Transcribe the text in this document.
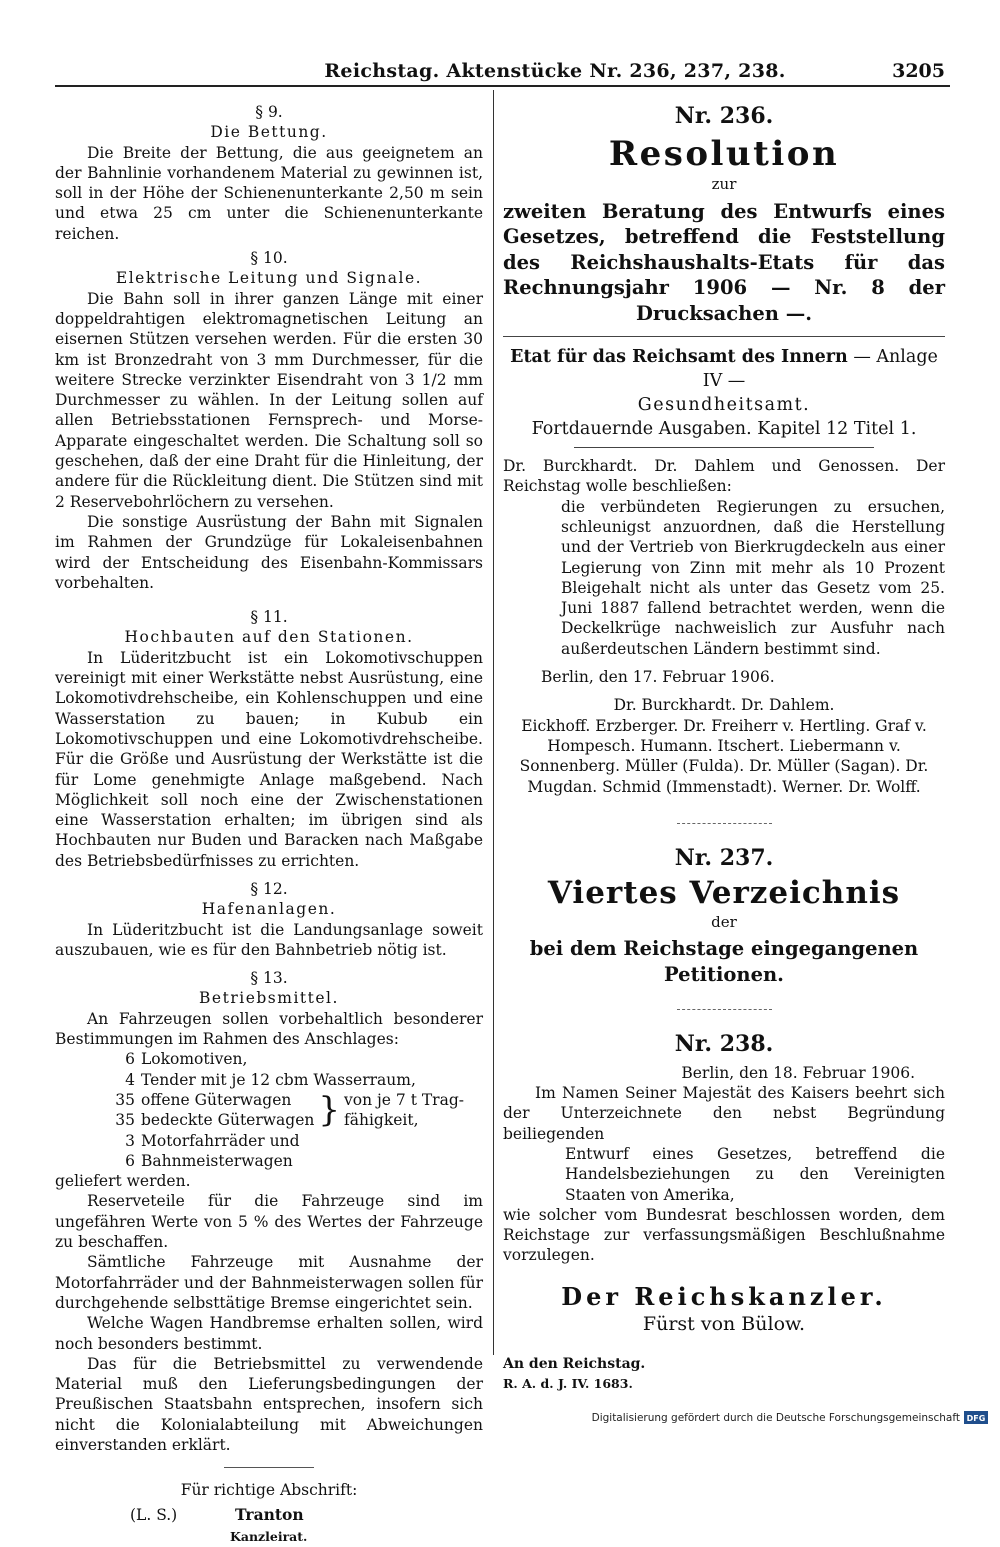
Reichstag. Aktenstücke Nr. 236, 237, 238.	3205

§ 9.

Die Bettung.

Die Breite der Bettung, die aus geeignetem an der Bahnlinie vorhandenem Material zu gewinnen ist, soll in der Höhe der Schienenunterkante 2,50 m sein und etwa 25 cm unter die Schienenunterkante reichen.

§ 10.

Elektrische Leitung und Signale.

Die Bahn soll in ihrer ganzen Länge mit einer doppeldrahtigen elektromagnetischen Leitung an eisernen Stützen versehen werden. Für die ersten 30 km ist Bronzedraht von 3 mm Durchmesser, für die weitere Strecke verzinkter Eisendraht von 3 1/2 mm Durchmesser zu wählen. In der Leitung sollen auf allen Betriebsstationen Fernsprech- und Morse-Apparate eingeschaltet werden. Die Schaltung soll so geschehen, daß der eine Draht für die Hinleitung, der andere für die Rückleitung dient. Die Stützen sind mit 2 Reservebohrlöchern zu versehen.

Die sonstige Ausrüstung der Bahn mit Signalen im Rahmen der Grundzüge für Lokaleisenbahnen wird der Entscheidung des Eisenbahn-Kommissars vorbehalten.

§ 11.

Hochbauten auf den Stationen.

In Lüderitzbucht ist ein Lokomotivschuppen vereinigt mit einer Werkstätte nebst Ausrüstung, eine Lokomotivdrehscheibe, ein Kohlenschuppen und eine Wasserstation zu bauen; in Kubub ein Lokomotivschuppen und eine Lokomotivdrehscheibe. Für die Größe und Ausrüstung der Werkstätte ist die für Lome genehmigte Anlage maßgebend. Nach Möglichkeit soll noch eine der Zwischenstationen eine Wasserstation erhalten; im übrigen sind als Hochbauten nur Buden und Baracken nach Maßgabe des Betriebsbedürfnisses zu errichten.

§ 12.

Hafenanlagen.

In Lüderitzbucht ist die Landungsanlage soweit auszubauen, wie es für den Bahnbetrieb nötig ist.

§ 13.

Betriebsmittel.

An Fahrzeugen sollen vorbehaltlich besonderer Bestimmungen im Rahmen des Anschlages:

6 Lokomotiven,
4 Tender mit je 12 cbm Wasserraum,
35 offene Güterwagen
35 bedeckte Güterwagen } von je 7 t Trag-
fähigkeit,
3 Motorfahrräder und
6 Bahnmeisterwagen

geliefert werden.

Reserveteile für die Fahrzeuge sind im ungefähren Werte von 5 % des Wertes der Fahrzeuge zu beschaffen.

Sämtliche Fahrzeuge mit Ausnahme der Motorfahrräder und der Bahnmeisterwagen sollen für durchgehende selbsttätige Bremse eingerichtet sein.

Welche Wagen Handbremse erhalten sollen, wird noch besonders bestimmt.

Das für die Betriebsmittel zu verwendende Material muß den Lieferungsbedingungen der Preußischen Staatsbahn entsprechen, insofern sich nicht die Kolonialabteilung mit Abweichungen einverstanden erklärt.

Für richtige Abschrift:

(L. S.)	Tranton

Kanzleirat.

Nr. 236.

Resolution

zur

zweiten Beratung des Entwurfs eines Gesetzes, betreffend die Feststellung des Reichshaushalts-Etats für das Rechnungsjahr 1906 — Nr. 8 der Drucksachen —.

Etat für das Reichsamt des Innern — Anlage IV —

Gesundheitsamt.

Fortdauernde Ausgaben. Kapitel 12 Titel 1.

Dr. Burckhardt. Dr. Dahlem und Genossen. Der Reichstag wolle beschließen:

die verbündeten Regierungen zu ersuchen, schleunigst anzuordnen, daß die Herstellung und der Vertrieb von Bierkrugdeckeln aus einer Legierung von Zinn mit mehr als 10 Prozent Bleigehalt nicht als unter das Gesetz vom 25. Juni 1887 fallend betrachtet werden, wenn die Deckelkrüge nachweislich zur Ausfuhr nach außerdeutschen Ländern bestimmt sind.

Berlin, den 17. Februar 1906.

Dr. Burckhardt. Dr. Dahlem.

Eickhoff. Erzberger. Dr. Freiherr v. Hertling. Graf v. Hompesch. Humann. Itschert. Liebermann v. Sonnenberg. Müller (Fulda). Dr. Müller (Sagan). Dr. Mugdan. Schmid (Immenstadt). Werner. Dr. Wolff.

Nr. 237.

Viertes Verzeichnis

der

bei dem Reichstage eingegangenen Petitionen.

Nr. 238.

Berlin, den 18. Februar 1906.

Im Namen Seiner Majestät des Kaisers beehrt sich der Unterzeichnete den nebst Begründung beiliegenden

Entwurf eines Gesetzes, betreffend die Handelsbeziehungen zu den Vereinigten Staaten von Amerika,

wie solcher vom Bundesrat beschlossen worden, dem Reichstage zur verfassungsmäßigen Beschlußnahme vorzulegen.

Der Reichskanzler.

Fürst von Bülow.

An den Reichstag.

R. A. d. J. IV. 1683.

Digitalisierung gefördert durch die Deutsche Forschungsgemeinschaft DFG
